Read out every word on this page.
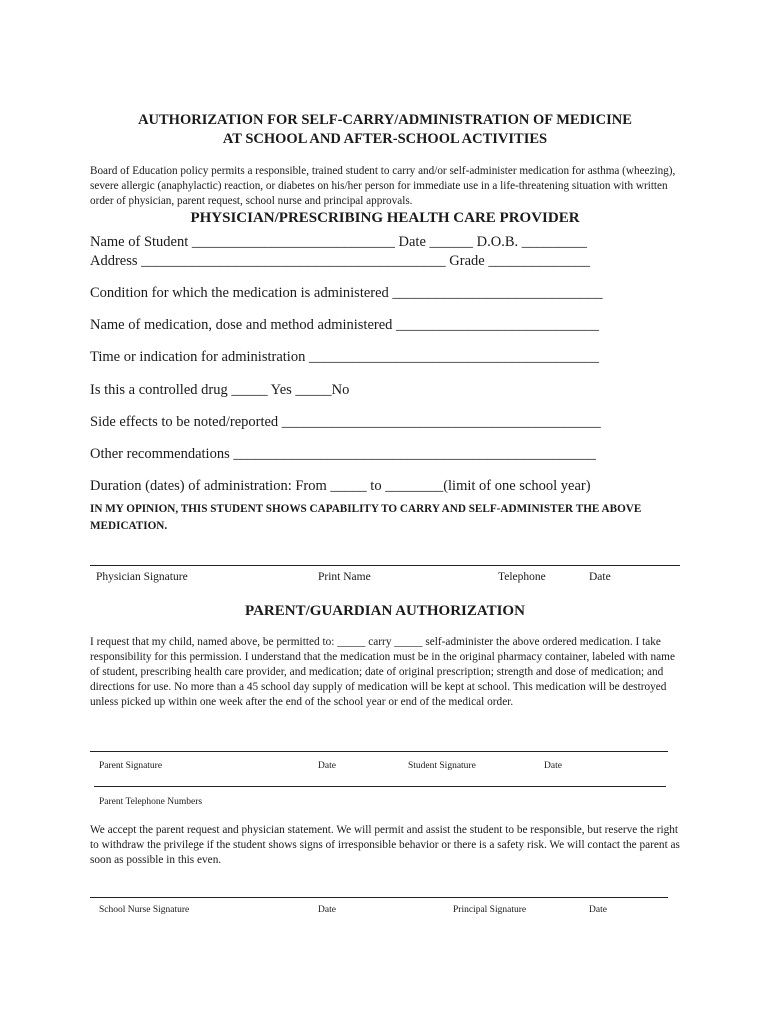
AUTHORIZATION FOR SELF-CARRY/ADMINISTRATION OF MEDICINE
AT SCHOOL AND AFTER-SCHOOL ACTIVITIES
Board of Education policy permits a responsible, trained student to carry and/or self-administer medication for asthma (wheezing), severe allergic (anaphylactic) reaction, or diabetes on his/her person for immediate use in a life-threatening situation with written order of physician, parent request, school nurse and principal approvals.
PHYSICIAN/PRESCRIBING HEALTH CARE PROVIDER
Name of Student ____________________________ Date ______ D.O.B. _________
Address __________________________________________ Grade ______________
Condition for which the medication is administered _____________________________
Name of medication, dose and method administered ____________________________
Time or indication for administration ________________________________________
Is this a controlled drug _____ Yes _____No
Side effects to be noted/reported ____________________________________________
Other recommendations __________________________________________________
Duration (dates) of administration: From _____ to ________(limit of one school year)
IN MY OPINION, THIS STUDENT SHOWS CAPABILITY TO CARRY AND SELF-ADMINISTER THE ABOVE MEDICATION.
Physician Signature	Print Name	Telephone	Date
PARENT/GUARDIAN AUTHORIZATION
I request that my child, named above, be permitted to: _____ carry _____ self-administer the above ordered medication. I take responsibility for this permission. I understand that the medication must be in the original pharmacy container, labeled with name of student, prescribing health care provider, and medication; date of original prescription; strength and dose of medication; and directions for use. No more than a 45 school day supply of medication will be kept at school. This medication will be destroyed unless picked up within one week after the end of the school year or end of the medical order.
Parent Signature	Date	Student Signature	Date
Parent Telephone Numbers
We accept the parent request and physician statement. We will permit and assist the student to be responsible, but reserve the right to withdraw the privilege if the student shows signs of irresponsible behavior or there is a safety risk. We will contact the parent as soon as possible in this even.
School Nurse Signature	Date	Principal Signature	Date
